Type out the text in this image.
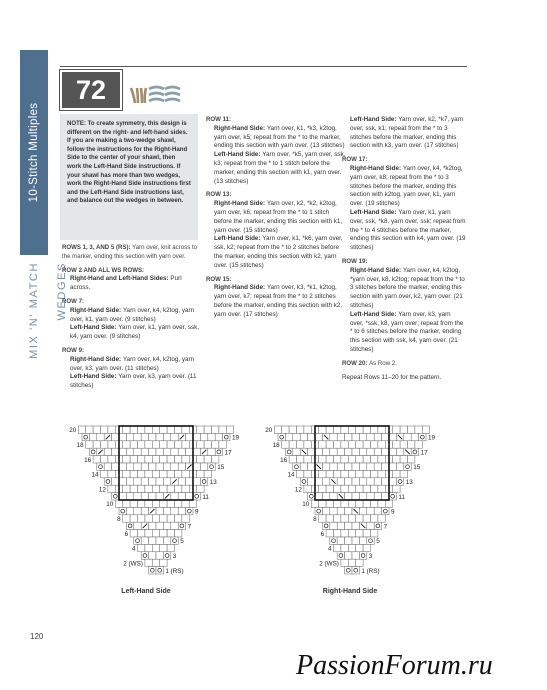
10-Stitch Multiples
MIX 'N' MATCH WEDGES
72
NOTE: To create symmetry, this design is different on the right- and left-hand sides. If you are making a two-wedge shawl, follow the instructions for the Right-Hand Side to the center of your shawl, then work the Left-Hand Side instructions. If your shawl has more than two wedges, work the Right-Hand Side instructions first and the Left-Hand Side instructions last, and balance out the wedges in between.
ROWS 1, 3, AND 5 (RS): Yarn over, knit across to the marker, ending this section with yarn over.
ROW 2 AND ALL WS ROWS:
Right-Hand and Left-Hand Sides: Purl across.
ROW 7:
Right-Hand Side: Yarn over, k4, k2tog, yarn over, k1, yarn over. (9 stitches)
Left-Hand Side: Yarn over, k1, yarn over, ssk, k4, yarn over. (9 stitches)
ROW 9:
Right-Hand Side: Yarn over, k4, k2tog, yarn over, k3, yarn over. (11 stitches)
Left-Hand Side: Yarn over, k3, yarn over. (11 stitches)
ROW 11:
Right-Hand Side: Yarn over, k1, *k3, k2tog, yarn over, k5; repeat from the * to the marker, ending this section with yarn over. (13 stitches)
Left-Hand Side: Yarn over, *k5, yarn over, ssk, k3; repeat from the * to 1 stitch before the marker, ending this section with k1, yarn over. (13 stitches)
ROW 13:
Right-Hand Side: Yarn over, k2, *k2, k2tog, yarn over, k6; repeat from the * to 1 stitch before the marker, ending this section with k1, yarn over. (15 stitches)
Left-Hand Side: Yarn over, k1, *k6, yarn over, ssk, k2; repeat from the * to 2 stitches before the marker, ending this section with k2, yarn over. (15 stitches)
ROW 15:
Right-Hand Side: Yarn over, k3, *k1, k2tog, yarn over, k7; repeat from the * to 2 stitches before the marker, ending this section with k2, yarn over. (17 stitches)
Left-Hand Side: Yarn over, k2, *k7, yarn over, ssk, k1; repeat from the * to 3 stitches before the marker, ending this section with k3, yarn over. (17 stitches)
ROW 17:
Right-Hand Side: Yarn over, k4, *k2tog, yarn over, k8; repeat from the * to 3 stitches before the marker, ending this section with k2tog, yarn over, k1, yarn over. (19 stitches)
Left-Hand Side: Yarn over, k1, yarn over, ssk, *k8, yarn over, ssk; repeat from the * to 4 stitches before the marker, ending this section with k4, yarn over. (19 stitches)
ROW 19:
Right-Hand Side: Yarn over, k4, k2tog, *yarn over, k8, k2tog; repeat from the * to 3 stitches before the marker, ending this section with yarn over, k2, yarn over. (21 stitches)
Left-Hand Side: Yarn over, k3, yarn over, *ssk, k8, yarn over; repeat from the * to 6 stitches before the marker, ending this section with ssk, k4, yarn over. (21 stitches)
ROW 20: As Row 2.
Repeat Rows 11–20 for the pattern.
20
19
18
17
16
15
14
13
12
11
10
9
8
7
6
5
4
3
2 (WS)
1 (RS)
Left-Hand Side
20
19
18
17
16
15
14
13
12
11
10
9
8
7
6
5
4
3
2 (WS)
1 (RS)
Right-Hand Side
120
PassionForum.ru
